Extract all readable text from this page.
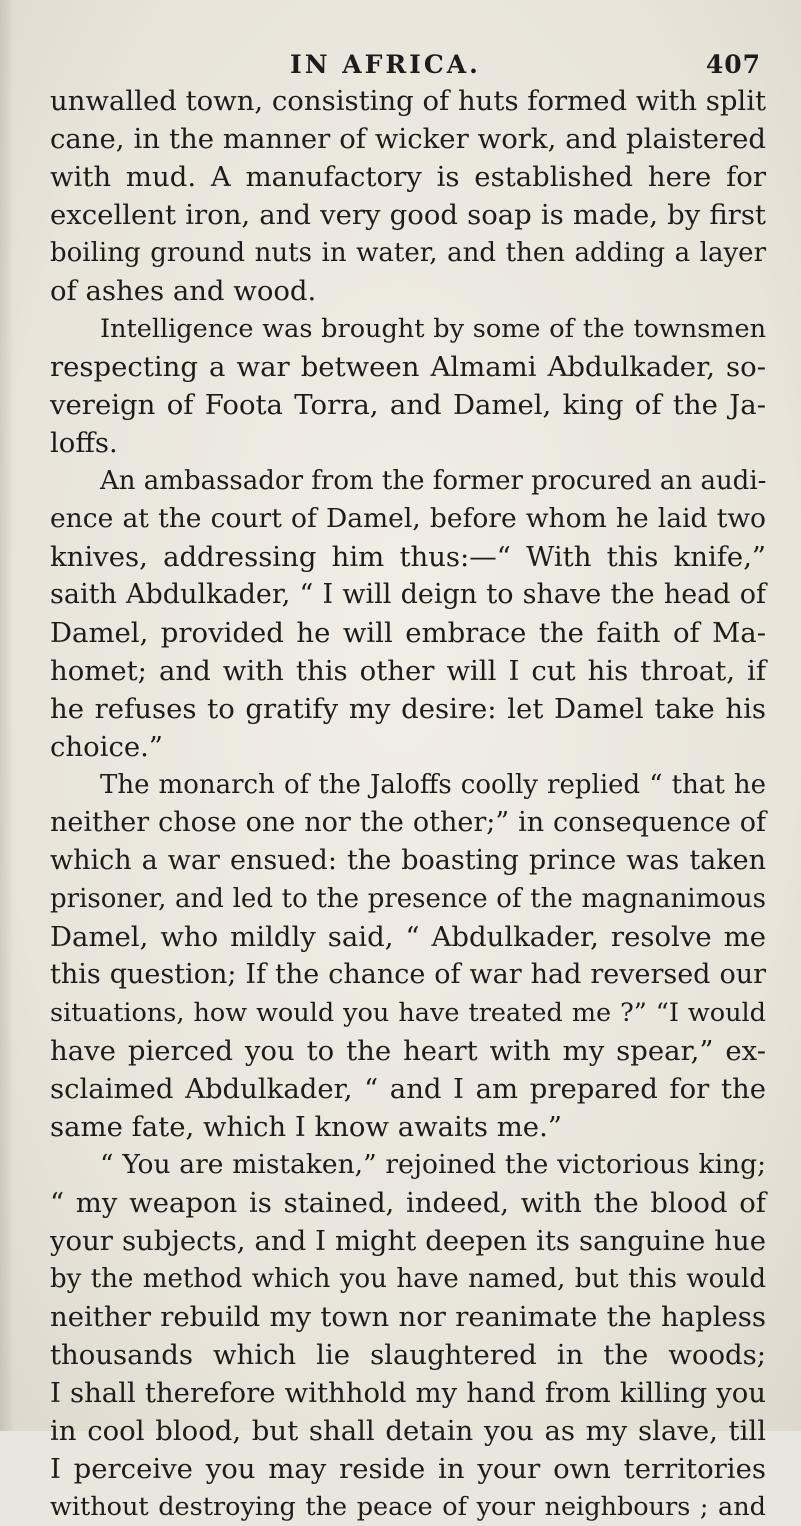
IN AFRICA.	407
unwalled town, consisting of huts formed with split
cane, in the manner of wicker work, and plaistered
with mud. A manufactory is established here for
excellent iron, and very good soap is made, by first
boiling ground nuts in water, and then adding a layer
of ashes and wood.
Intelligence was brought by some of the townsmen
respecting a war between Almami Abdulkader, so-
vereign of Foota Torra, and Damel, king of the Ja-
loffs.
An ambassador from the former procured an audi-
ence at the court of Damel, before whom he laid two
knives, addressing him thus:—“ With this knife,”
saith Abdulkader, “ I will deign to shave the head of
Damel, provided he will embrace the faith of Ma-
homet; and with this other will I cut his throat, if
he refuses to gratify my desire: let Damel take his
choice.”
The monarch of the Jaloffs coolly replied “ that he
neither chose one nor the other;” in consequence of
which a war ensued: the boasting prince was taken
prisoner, and led to the presence of the magnanimous
Damel, who mildly said, “ Abdulkader, resolve me
this question; If the chance of war had reversed our
situations, how would you have treated me ?” “I would
have pierced you to the heart with my spear,” ex-
sclaimed Abdulkader, “ and I am prepared for the
same fate, which I know awaits me.”
“ You are mistaken,” rejoined the victorious king;
“ my weapon is stained, indeed, with the blood of
your subjects, and I might deepen its sanguine hue
by the method which you have named, but this would
neither rebuild my town nor reanimate the hapless
thousands which lie slaughtered in the woods;
I shall therefore withhold my hand from killing you
in cool blood, but shall detain you as my slave, till
I perceive you may reside in your own territories
without destroying the peace of your neighbours ; and
